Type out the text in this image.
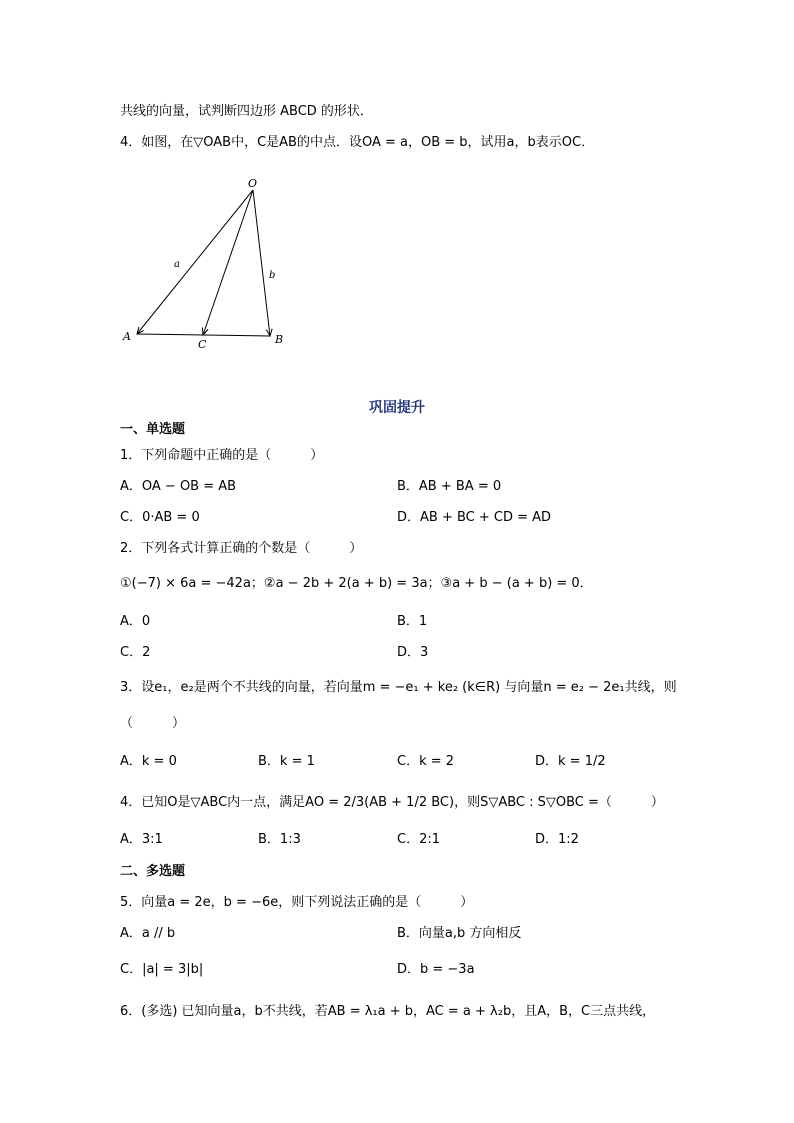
共线的向量，试判断四边形 ABCD 的形状．
4．如图，在▽OAB中，C是AB的中点．设OA = a，OB = b，试用a，b表示OC．
O
A	B
C
a
b
巩固提升
一、单选题
1．下列命题中正确的是（　　　）
A．OA − OB = AB	B．AB + BA = 0
C．0·AB = 0	D．AB + BC + CD = AD
2．下列各式计算正确的个数是（　　　）
①(−7) × 6a = −42a；②a − 2b + 2(a + b) = 3a；③a + b − (a + b) = 0．
A．0	B．1
C．2	D．3
3．设e₁，e₂是两个不共线的向量，若向量m = −e₁ + ke₂ (k∈R) 与向量n = e₂ − 2e₁共线，则
（　　　）
A．k = 0	B．k = 1	C．k = 2	D．k = 1/2
4．已知O是▽ABC内一点，满足AO = 2/3(AB + 1/2 BC)，则S▽ABC : S▽OBC =（　　　）
A．3:1	B．1:3	C．2:1	D．1:2
二、多选题
5．向量a = 2e，b = −6e，则下列说法正确的是（　　　）
A．a // b	B．向量a,b 方向相反
C．|a| = 3|b|	D．b = −3a
6．(多选) 已知向量a，b不共线，若AB = λ₁a + b，AC = a + λ₂b，且A，B，C三点共线，
